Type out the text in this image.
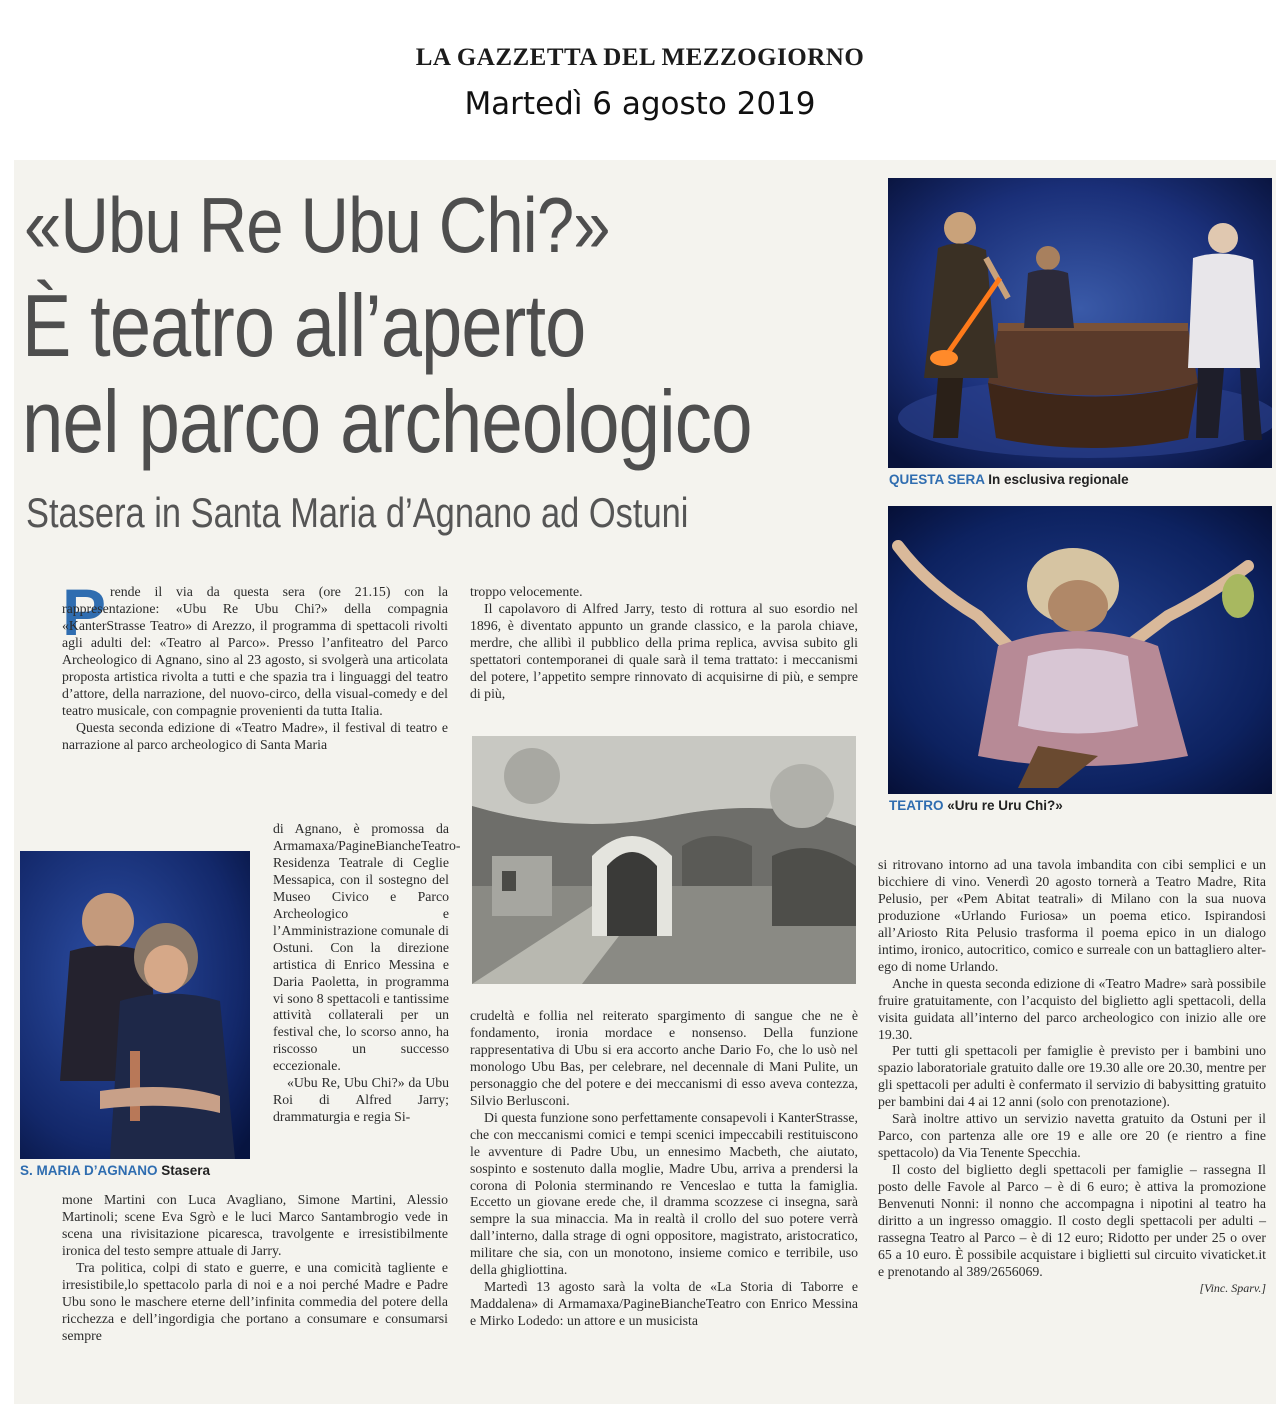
LA GAZZETTA DEL MEZZOGIORNO
Martedì 6 agosto 2019
«Ubu Re Ubu Chi?»
È teatro all’aperto
nel parco archeologico
Stasera in Santa Maria d’Agnano ad Ostuni
QUESTA SERA In esclusiva regionale
TEATRO «Uru re Uru Chi?»
S. MARIA D’AGNANO Stasera
P rende il via da questa sera (ore 21.15) con la rappresentazione: «Ubu Re Ubu Chi?» della compagnia «KanterStrasse Teatro» di Arezzo, il programma di spettacoli rivolti agli adulti del: «Teatro al Parco». Presso l’anfiteatro del Parco Archeologico di Agnano, sino al 23 agosto, si svolgerà una articolata proposta artistica rivolta a tutti e che spazia tra i linguaggi del teatro d’attore, della narrazione, del nuovo-circo, della visual-comedy e del teatro musicale, con compagnie provenienti da tutta Italia.

Questa seconda edizione di «Teatro Madre», il festival di teatro e narrazione al parco archeologico di Santa Maria

di Agnano, è promossa da Armamaxa/PagineBiancheTeatro- Residenza Teatrale di Ceglie Messapica, con il sostegno del Museo Civico e Parco Archeologico e l’Amministrazione comunale di Ostuni. Con la direzione artistica di Enrico Messina e Daria Paoletta, in programma vi sono 8 spettacoli e tantissime attività collaterali per un festival che, lo scorso anno, ha riscosso un successo eccezionale.

«Ubu Re, Ubu Chi?» da Ubu Roi di Alfred Jarry; drammaturgia e regia Si-

mone Martini con Luca Avagliano, Simone Martini, Alessio Martinoli; scene Eva Sgrò e le luci Marco Santambrogio vede in scena una rivisitazione picaresca, travolgente e irresistibilmente ironica del testo sempre attuale di Jarry.

Tra politica, colpi di stato e guerre, e una comicità tagliente e irresistibile,lo spettacolo parla di noi e a noi perché Madre e Padre Ubu sono le maschere eterne dell’infinita commedia del potere della ricchezza e dell’ingordigia che portano a consumare e consumarsi sempre

troppo velocemente.

Il capolavoro di Alfred Jarry, testo di rottura al suo esordio nel 1896, è diventato appunto un grande classico, e la parola chiave, merdre, che allibì il pubblico della prima replica, avvisa subito gli spettatori contemporanei di quale sarà il tema trattato: i meccanismi del potere, l’appetito sempre rinnovato di acquisirne di più, e sempre di più,

crudeltà e follia nel reiterato spargimento di sangue che ne è fondamento, ironia mordace e nonsenso. Della funzione rappresentativa di Ubu si era accorto anche Dario Fo, che lo usò nel monologo Ubu Bas, per celebrare, nel decennale di Mani Pulite, un personaggio che del potere e dei meccanismi di esso aveva contezza, Silvio Berlusconi.

Di questa funzione sono perfettamente consapevoli i KanterStrasse, che con meccanismi comici e tempi scenici impeccabili restituiscono le avventure di Padre Ubu, un ennesimo Macbeth, che aiutato, sospinto e sostenuto dalla moglie, Madre Ubu, arriva a prendersi la corona di Polonia sterminando re Venceslao e tutta la famiglia. Eccetto un giovane erede che, il dramma scozzese ci insegna, sarà sempre la sua minaccia. Ma in realtà il crollo del suo potere verrà dall’interno, dalla strage di ogni oppositore, magistrato, aristocratico, militare che sia, con un monotono, insieme comico e terribile, uso della ghigliottina.

Martedì 13 agosto sarà la volta de «La Storia di Taborre e Maddalena» di Armamaxa/PagineBiancheTeatro con Enrico Messina e Mirko Lodedo: un attore e un musicista

si ritrovano intorno ad una tavola imbandita con cibi semplici e un bicchiere di vino. Venerdì 20 agosto tornerà a Teatro Madre, Rita Pelusio, per «Pem Abitat teatrali» di Milano con la sua nuova produzione «Urlando Furiosa» un poema etico. Ispirandosi all’Ariosto Rita Pelusio trasforma il poema epico in un dialogo intimo, ironico, autocritico, comico e surreale con un battagliero alter-ego di nome Urlando.

Anche in questa seconda edizione di «Teatro Madre» sarà possibile fruire gratuitamente, con l’acquisto del biglietto agli spettacoli, della visita guidata all’interno del parco archeologico con inizio alle ore 19.30.

Per tutti gli spettacoli per famiglie è previsto per i bambini uno spazio laboratoriale gratuito dalle ore 19.30 alle ore 20.30, mentre per gli spettacoli per adulti è confermato il servizio di babysitting gratuito per bambini dai 4 ai 12 anni (solo con prenotazione).

Sarà inoltre attivo un servizio navetta gratuito da Ostuni per il Parco, con partenza alle ore 19 e alle ore 20 (e rientro a fine spettacolo) da Via Tenente Specchia.

Il costo del biglietto degli spettacoli per famiglie – rassegna Il posto delle Favole al Parco – è di 6 euro; è attiva la promozione Benvenuti Nonni: il nonno che accompagna i nipotini al teatro ha diritto a un ingresso omaggio. Il costo degli spettacoli per adulti – rassegna Teatro al Parco – è di 12 euro; Ridotto per under 25 o over 65 a 10 euro. È possibile acquistare i biglietti sul circuito vivaticket.it e prenotando al 389/2656069.

[Vinc. Sparv.]
